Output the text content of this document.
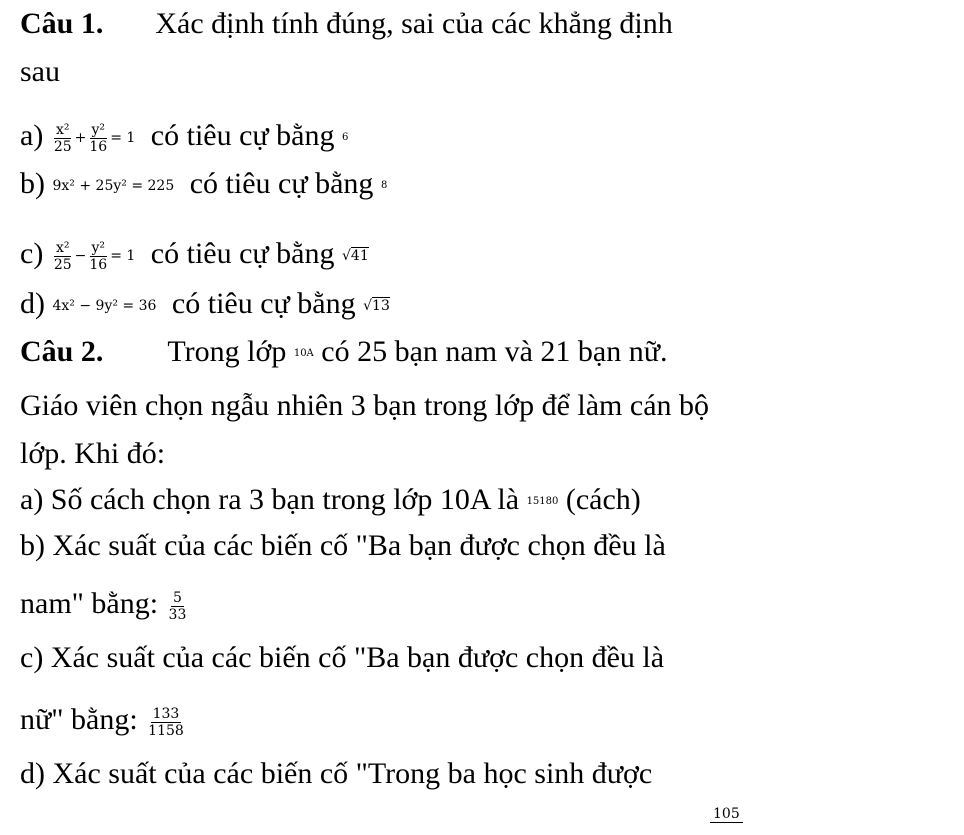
Câu 1. Xác định tính đúng, sai của các khẳng định
sau
$a) \frac{\text{x²}}{25} + \frac{\text{y²}}{16} = 1$ có tiêu cự bằng 6
b) 9x² + 25y² = 225 có tiêu cự bằng 8
$c) \frac{\text{x²}}{25} - \frac{\text{y²}}{16} = 1$ có tiêu cự bằng √41
d) 4x² − 9y² = 36 có tiêu cự bằng √13
Câu 2. Trong lớp 10A có 25 bạn nam và 21 bạn nữ.
Giáo viên chọn ngẫu nhiên 3 bạn trong lớp để làm cán bộ
lớp. Khi đó:
a) Số cách chọn ra 3 bạn trong lớp 10A là 15180 (cách)
b) Xác suất của các biến cố "Ba bạn được chọn đều là
nam" bằng: $\frac{5}{33}$
c) Xác suất của các biến cố "Ba bạn được chọn đều là
nữ" bằng: $\frac{133}{1158}$
d) Xác suất của các biến cố "Trong ba học sinh được
105
